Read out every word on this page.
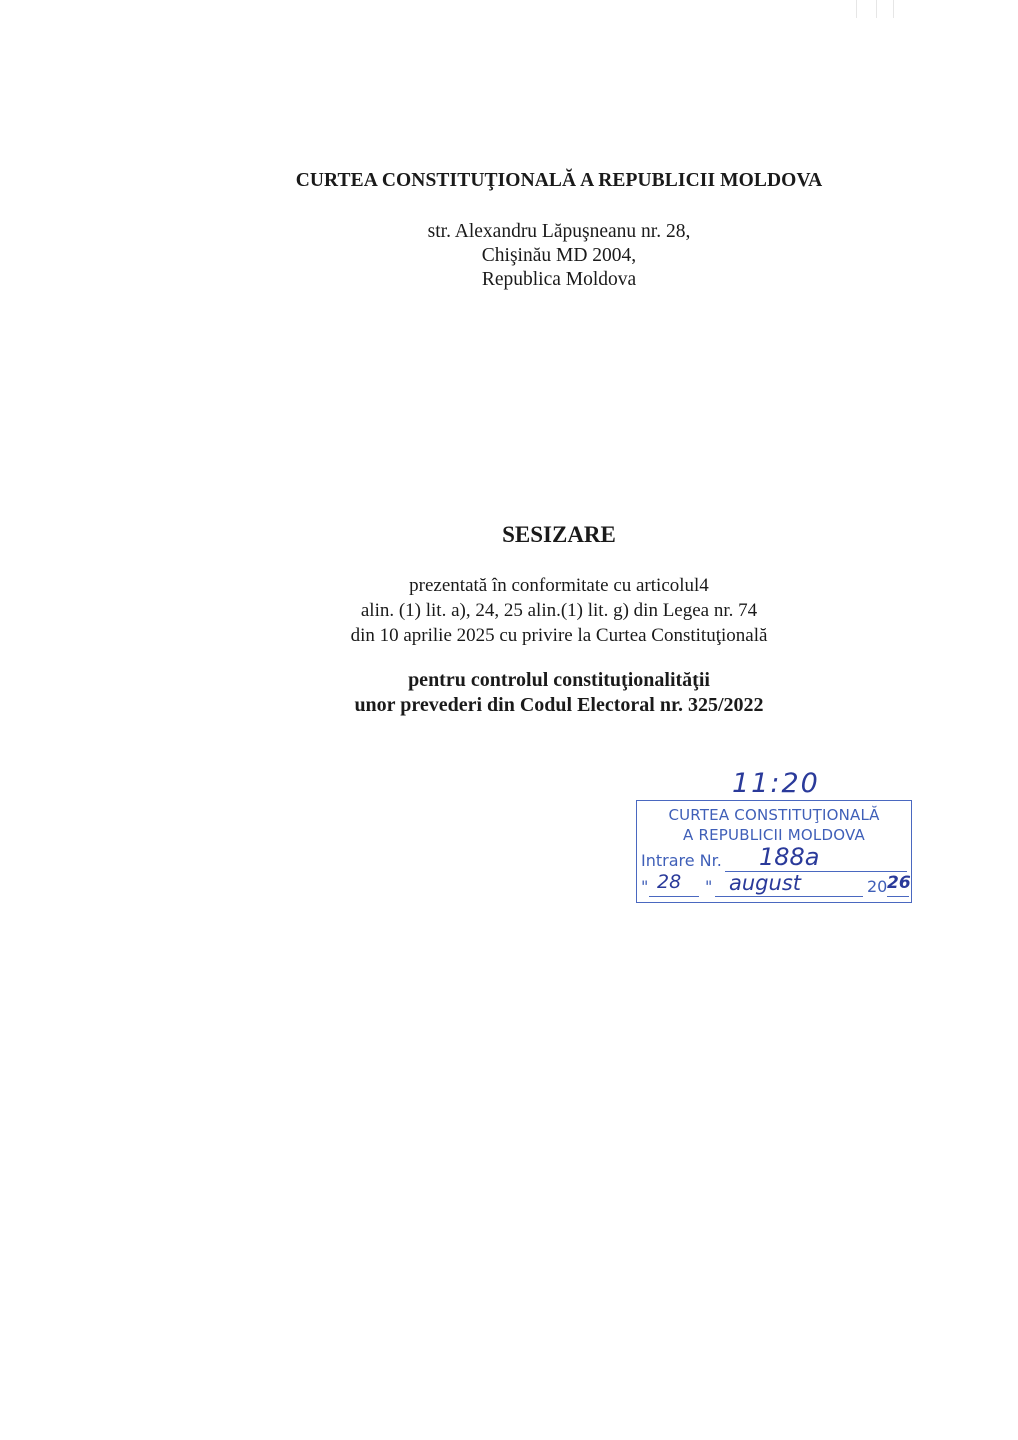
CURTEA CONSTITUŢIONALĂ A REPUBLICII MOLDOVA
str. Alexandru Lăpuşneanu nr. 28,
Chişinău MD 2004,
Republica Moldova
SESIZARE
prezentată în conformitate cu articolul4
alin. (1) lit. a), 24, 25 alin.(1) lit. g) din Legea nr. 74
din 10 aprilie 2025 cu privire la Curtea Constituţională
pentru controlul constituţionalităţii
unor prevederi din Codul Electoral nr. 325/2022
11:20
CURTEA CONSTITUŢIONALĂ
A REPUBLICII MOLDOVA
Intrare Nr. 188a
"	"	20
28 august	26
